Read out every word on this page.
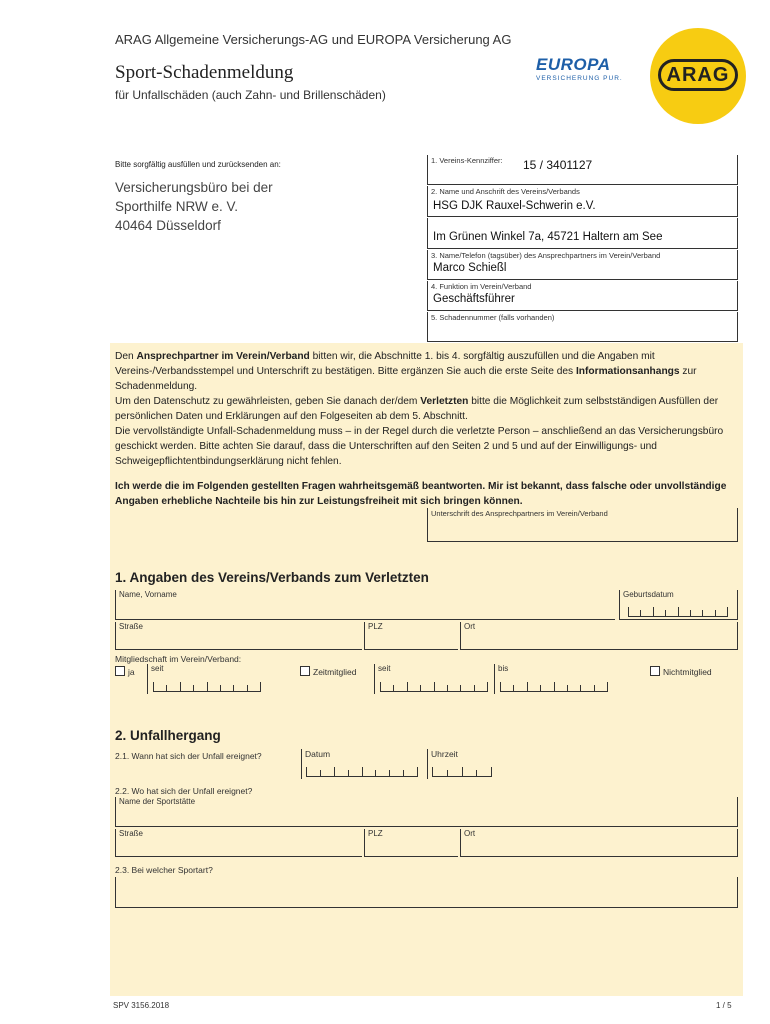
ARAG Allgemeine Versicherungs-AG und EUROPA Versicherung AG
Sport-Schadenmeldung
für Unfallschäden (auch Zahn- und Brillenschäden)
EUROPA
VERSICHERUNG PUR.	ARAG
Bitte sorgfältig ausfüllen und zurücksenden an:
Versicherungsbüro bei der
Sporthilfe NRW e. V.
40464 Düsseldorf
1. Vereins-Kennziffer: 15 / 3401127
2. Name und Anschrift des Vereins/Verbands
HSG DJK Rauxel-Schwerin e.V.
Im Grünen Winkel 7a, 45721 Haltern am See
3. Name/Telefon (tagsüber) des Ansprechpartners im Verein/Verband
Marco Schießl
4. Funktion im Verein/Verband
Geschäftsführer
5. Schadennummer (falls vorhanden)

Den Ansprechpartner im Verein/Verband bitten wir, die Abschnitte 1. bis 4. sorgfältig auszufüllen und die Angaben mit Vereins-/Verbandsstempel und Unterschrift zu bestätigen. Bitte ergänzen Sie auch die erste Seite des Informationsanhangs zur Schadenmeldung.

Um den Datenschutz zu gewährleisten, geben Sie danach der/dem Verletzten bitte die Möglichkeit zum selbstständigen Ausfüllen der persönlichen Daten und Erklärungen auf den Folgeseiten ab dem 5. Abschnitt.

Die vervollständigte Unfall-Schadenmeldung muss – in der Regel durch die verletzte Person – anschließend an das Versicherungsbüro geschickt werden. Bitte achten Sie darauf, dass die Unterschriften auf den Seiten 2 und 5 und auf der Einwilligungs- und Schweigepflichtentbindungserklärung nicht fehlen.

Ich werde die im Folgenden gestellten Fragen wahrheitsgemäß beantworten. Mir ist bekannt, dass falsche oder unvollständige Angaben erhebliche Nachteile bis hin zur Leistungsfreiheit mit sich bringen können.

Unterschrift des Ansprechpartners im Verein/Verband
1. Angaben des Vereins/Verbands zum Verletzten
Name, Vorname	Geburtsdatum
Straße	PLZ	Ort
Mitgliedschaft im Verein/Verband:
ja seit	Zeitmitglied	seit	bis	Nichtmitglied
2. Unfallhergang
2.1. Wann hat sich der Unfall ereignet?	Datum	Uhrzeit
2.2. Wo hat sich der Unfall ereignet?
Name der Sportstätte
Straße	PLZ	Ort
2.3. Bei welcher Sportart?
SPV 3156.2018	1 / 5
